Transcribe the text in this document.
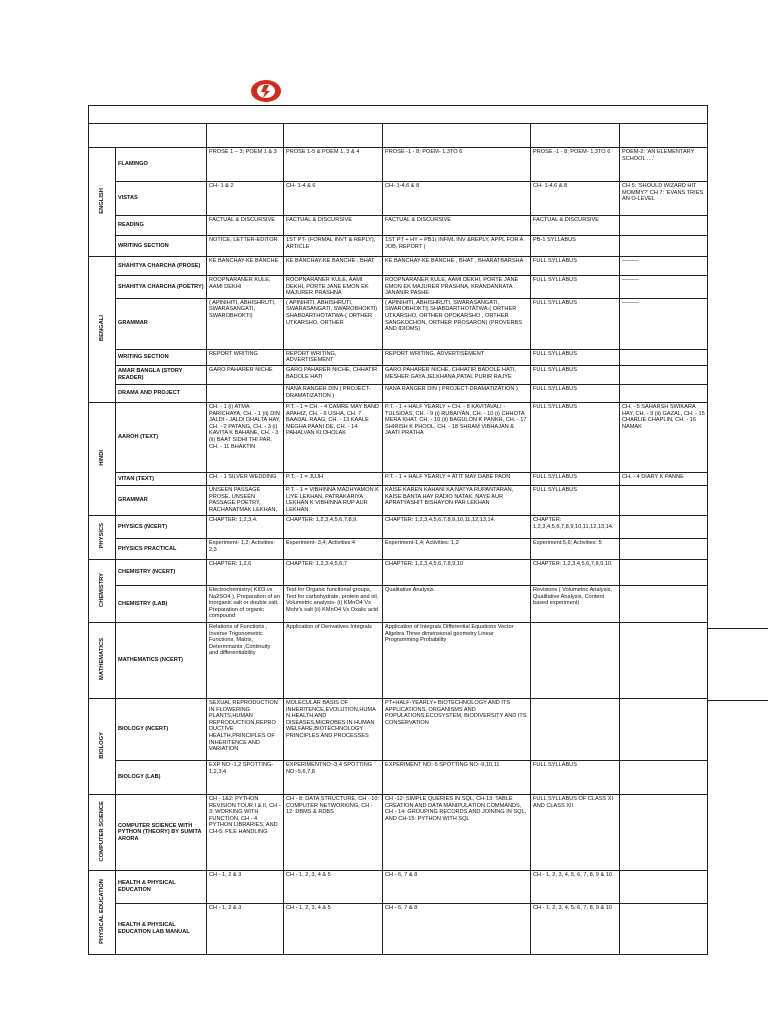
ENGLISH	FLAMINGO	PROSE 1 – 3; POEM 1 & 3	PROSE 1-5 & POEM 1, 3 & 4	PROSE -1 - 8; POEM- 1,3TO 6	PROSE -1 - 8; POEM- 1,3TO 6	POEM-2: 'AN ELEMENTARY SCHOOL ....'
	VISTAS	CH- 1 & 2	CH- 1-4 & 6	CH- 1-4,6 & 8	CH- 1-4,6 & 8	CH 5: 'SHOULD WIZARD HIT MOMMY?' CH 7: 'EVANS TRIES AN O-LEVEL
	READING	FACTUAL & DISCURSIVE	FACTUAL & DISCURSIVE	FACTUAL & DISCURSIVE	FACTUAL & DISCURSIVE	
	WRITING SECTION	NOTICE, LETTER-EDITOR	1ST PT- (FORMAL INVT & REPLY), ARTICLE	1ST PT + HY + PB1( INFML INV &REPLY, APPL FOR A JOB, REPORT )	PB-1 SYLLABUS	
BENGALI	SHAHITYA CHARCHA (PROSE)	KE BANCHAY-KE BANCHE	KE BANCHAY-KE BANCHE , BHAT	KE BANCHAY-KE BANCHE , BHAT , BHARATBARSHA	FULL SYLLABUS	———
	SHAHITYA CHARCHA (POETRY)	ROOPNARANER KULE, AAMI DEKHI	ROOPNARANER KULE, AAMI DEKHI, PORTE JANE EMON EK MAJURER PRASHNA	ROOPNARANER KULE, AAMI DEKHI, PORTE JANE EMON EK MAJURER PRASHNA, KRANDANRATA JANANIR PASHE	FULL SYLLABUS	———
	GRAMMAR	( APINIHITI, ABHISHRUTI, SWARASANGATI, SWAROBHOKTI)	( APINIHITI, ABHISHRUTI, SWARASANGATI, SWAROBHOKTI) SHABDARTHOTATWA-( ORTHER UTKARSHO, ORTHER	( APINIHITI, ABHISHRUTI, SWARASANGATI, SWAROBHOKTI) SHABDARTHOTATWA-( ORTHER UTKARSHO, ORTHER OPOKARSHO , ORTHER SANGKOCHON, ORTHER PROSARON) (PROVERBS AND IDIOMS)	FULL SYLLABUS	———
	WRITING SECTION	REPORT WRITING	REPORT WRITING, ADVERTISEMENT	REPORT WRITING, ADVERTISEMENT	FULL SYLLABUS	
	AMAR BANGLA (STORY READER)	GARO PAHARER NICHE	GARO PAHARER NICHE, CHHATIR BADOLE HATI	GARO PAHARER NICHE, CHHATIR BADOLE HATI, MESHER GAYA JELKHANA,PATAL PURIR RAJYE	FULL SYLLABUS	
	DRAMA AND PROJECT		NANA RANGER DIN ( PROJECT- DRAMATIZATION )	NANA RANGER DIN ( PROJECT-DRAMATIZATION )	FULL SYLLABUS	
HINDI	AAROH (TEXT)	CH. - 1 (i) ATMA PARICHAYA, CH. - 1 (ii) DIN JALDI - JALDI DHALTA HAY, CH. - 2 PATANG, CH. - 3 (i) KAVITA K BAHANE, CH. - 3 (ii) BAAT SIDHI THI PAR, CH. - 11 BHAKTIN	P.T. - 1 = CH. - 4 CAMRE MAY BAND APAHIZ, CH. - 6 USHA, CH. 7 BAADAL RAAG, CH. - 13 KAALE MEGHA PAANI DE, CH. - 14 PAHALVAN KI DHOLAK	P.T. - 1 + HALF YEARLY + CH. - 8 KAVITAVALI - TULSIDAS, CH. - 9 (i) RUBAIYAN, CH. - 10 (i) CHHOTA MERA KHAT, CH. - 10 (ii) BAGULON K PANKH, CH. - 17 SHIRISH K PHOOL, CH. - 18 SHRAM VIBHAJAN & JAATI PRATHA	FULL SYLLABUS	CH. - 5 SAHARSH SWIKARA HAY, CH. - 9 (ii) GAZAL, CH. - 15 CHARLIE CHAPLIN, CH. - 16 NAMAK
	VITAN (TEXT)	CH. - 1 SILVER WEDDING	P.T. - 1 = JUJH	P.T. - 1 + HALF YEARLY = ATIT MAY DABE PAON	FULL SYLLABUS	CH. - 4 DIARY K PANNE
	GRAMMAR	UNSEEN PASSAGE PROSE, UNSEEN PASSAGE POETRY, RACHANATMAK LEKHAN,	P.T. - 1 = VIBHINNA MADHYAMON K LIYE LEKHAN, PATRAKARIYA LEKHAN K VIBHINNA RUP AUR LEKHAN	KAISE KAREN KAHANI KA NATYA RUPANTARAN, KAISE BANTA HAY RADIO NATAK, NAYE AUR APRATYASHIT BISHAYON PAR LEKHAN	FULL SYLLABUS	
PHYSICS	PHYSICS (NCERT)	CHAPTER: 1,2,3,4.	CHAPTER: 1,2,3,4,5,6,7,8,9.	CHAPTER: 1,2,3,4,5,6,7,8,9,10,11,12,13,14.	CHAPTER: 1,2,3,4,5,6,7,8,9,10,11,12,13,14.	
	PHYSICS PRACTICAL	Experiment- 1,2; Activities: 2,3	Experiment- 3,4; Activities:4	Experiment-1,4; Activities: 1,2	Experiment:5,6; Activities: 5	
CHEMISTRY	CHEMISTRY (NCERT)	CHAPTER: 1,2,6	CHAPTER: 1,2,3,4,5,6,7	CHAPTER: 1,2,3,4,5,6,7,8,9,10	CHAPTER: 1,2,3,4,5,6,7,8,9,10.	
	CHEMISTRY (LAB)	Electrochemistry( KI03 vs Na2SO4 ), Preparation of an inorganic salt or double salt, Preparation of organic compound	Test for Organic functional groups, Test for carbohydrate, protein and oil, Volumetric analysis- (i) KMnO4 Vs Mohr's salt (ii) KMnO4 Vs Oxalic acid	Qualitative Analysis.	Revisions ( Volumetric Analysis, Qualitative Analysis, Content based experiment)	
MATHEMATICS	MATHEMATICS (NCERT)	Relations of Functions , Inverse Trigonometric Functions, Matrix, Determinants ,Continuity and differentiability	Application of Derivatives Integrals	Application of Integrals Differential Equations Vector Algebra Three dimensional geometry Linear Programming Probability		
BIOLOGY	BIOLOGY (NCERT)	SEXUAL REPRODUCTION IN FLOWERING PLANTS,HUMAN REPRODUCTION,REPRO DUCTIVE HEALTH,PRINCIPLES OF INHERITENCE AND VARIATION	MOLECULAR BASIS OF INHERITENCE,EVOLUTION,HUMA N HEALTH AND DISEASES,MICROBES IN HUMAN WELFARE,BIOTECHNOLOGY PRINCIPLES AND PROCESSES	PT+HALF-YEARLY+ BIOTECHNOLOGY AND ITS APPLICATIONS, ORGANISMS AND POPULATIONS,ECOSYSTEM, BIODIVERSITY AND ITS CONSERVATION		
	BIOLOGY (LAB)	EXP NO:-1,2 SPOTTING-1,2,3,4	EXPERIMENTNO:-3,4 SPOTTING NO:-5,6,7,8	EXPERIMENT NO:-5 SPOTTING NO:-9,10,11	FULL SYLLABUS	
COMPUTER SCIENCE	COMPUTER SCIENCE WITH PYTHON (THEORY) BY SUMITA ARORA	CH - 1&2: PYTHON REVISION TOUR I & II, CH - 3: WORKING WITH FUNCTION, CH - 4 PYTHON LIBRARIES, AND CH-5: FILE HANDLING	CH - 8: DATA STRUCTURE, CH - 10: COMPUTER NETWORKING, CH - 12: DBMS & RDBS	CH -12: SIMPLE QUERIES IN SQL, CH-13: TABLE CREATION AND DATA MANIPULATION COMMANDS, CH - 14: GROUPING RECORDS AND JOINING IN SQL, AND CH-15: PYTHON WITH SQL	FULL SYLLABUS OF CLASS XI AND CLASS XII	
PHYSICAL EDUCATION	HEALTH & PHYSICAL EDUCATION	CH - 1, 2 & 3	CH - 1, 2, 3, 4 & 5	CH - 6, 7 & 8	CH - 1, 2, 3, 4, 5, 6, 7, 8, 9 & 10	
	HEALTH & PHYSICAL EDUCATION LAB MANUAL	CH - 1, 2 & 3	CH - 1, 2, 3, 4 & 5	CH - 6, 7 & 8	CH - 1, 2, 3, 4, 5, 6, 7, 8, 9 & 10	
